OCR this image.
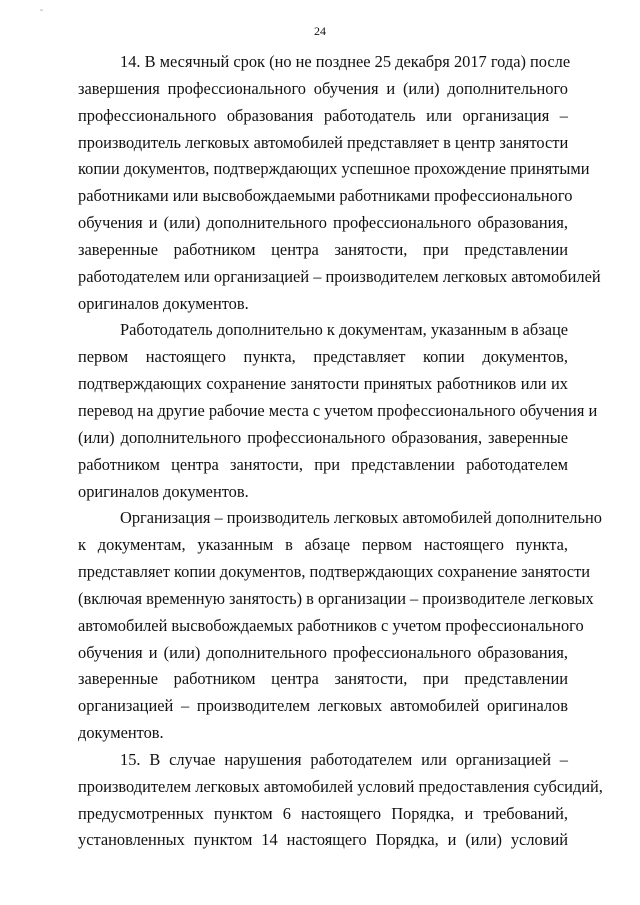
˘
24
14. В месячный срок (но не позднее 25 декабря 2017 года) после
завершения профессионального обучения и (или) дополнительного
профессионального образования работодатель или организация –
производитель легковых автомобилей представляет в центр занятости
копии документов, подтверждающих успешное прохождение принятыми
работниками или высвобождаемыми работниками профессионального
обучения и (или) дополнительного профессионального образования,
заверенные работником центра занятости, при представлении
работодателем или организацией – производителем легковых автомобилей
оригиналов документов.
Работодатель дополнительно к документам, указанным в абзаце
первом настоящего пункта, представляет копии документов,
подтверждающих сохранение занятости принятых работников или их
перевод на другие рабочие места с учетом профессионального обучения и
(или) дополнительного профессионального образования, заверенные
работником центра занятости, при представлении работодателем
оригиналов документов.
Организация – производитель легковых автомобилей дополнительно
к документам, указанным в абзаце первом настоящего пункта,
представляет копии документов, подтверждающих сохранение занятости
(включая временную занятость) в организации – производителе легковых
автомобилей высвобождаемых работников с учетом профессионального
обучения и (или) дополнительного профессионального образования,
заверенные работником центра занятости, при представлении
организацией – производителем легковых автомобилей оригиналов
документов.
15. В случае нарушения работодателем или организацией –
производителем легковых автомобилей условий предоставления субсидий,
предусмотренных пунктом 6 настоящего Порядка, и требований,
установленных пунктом 14 настоящего Порядка, и (или) условий
